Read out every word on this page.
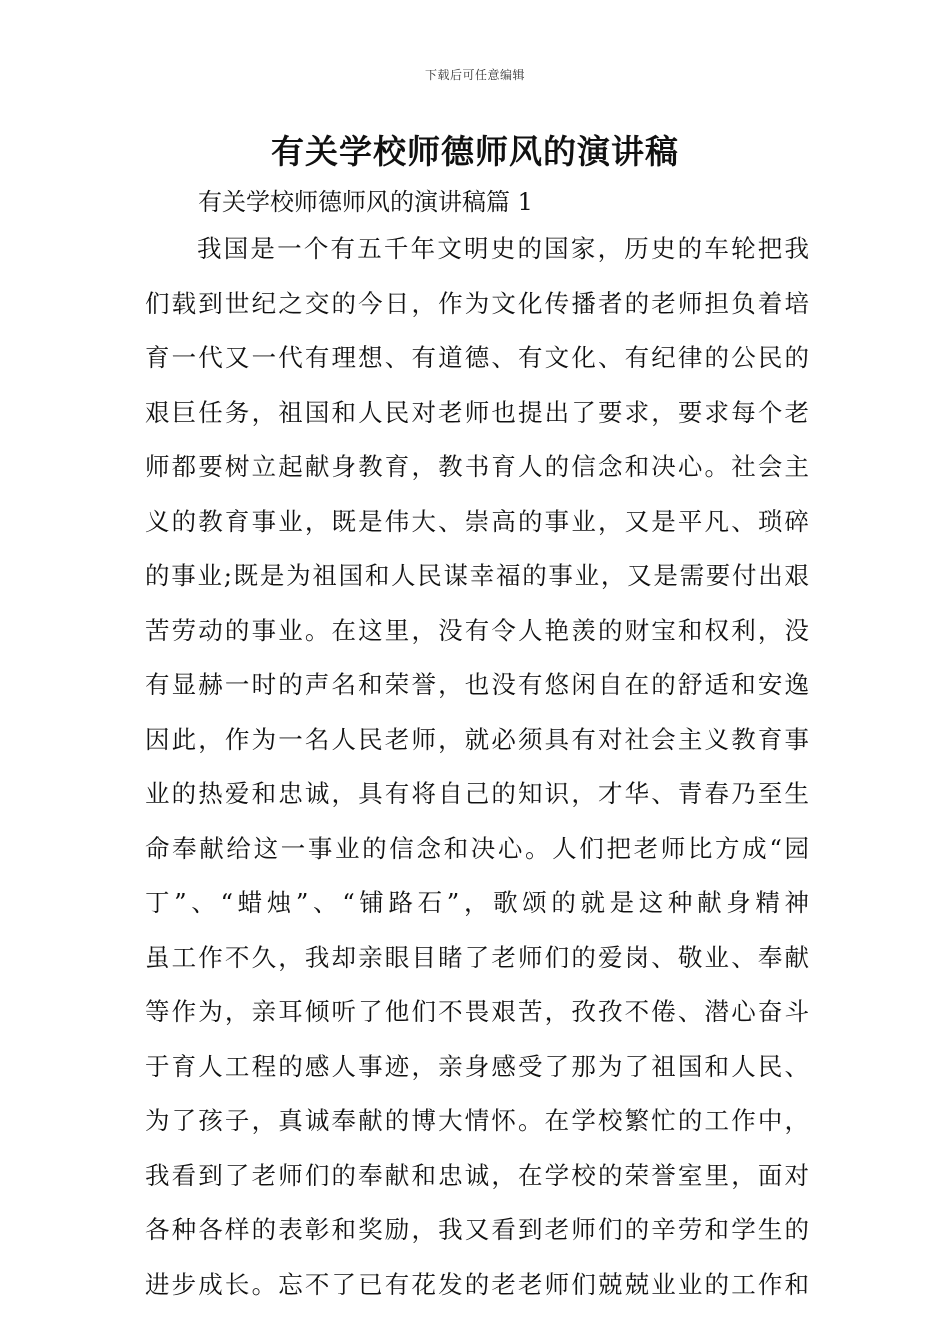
下载后可任意编辑
有关学校师德师风的演讲稿
有关学校师德师风的演讲稿篇 1
我国是一个有五千年文明史的国家，历史的车轮把我
们载到世纪之交的今日，作为文化传播者的老师担负着培
育一代又一代有理想、有道德、有文化、有纪律的公民的
艰巨任务，祖国和人民对老师也提出了要求，要求每个老
师都要树立起献身教育，教书育人的信念和决心。社会主
义的教育事业，既是伟大、崇高的事业，又是平凡、琐碎
的事业;既是为祖国和人民谋幸福的事业，又是需要付出艰
苦劳动的事业。在这里，没有令人艳羡的财宝和权利，没
有显赫一时的声名和荣誉，也没有悠闲自在的舒适和安逸
因此，作为一名人民老师，就必须具有对社会主义教育事
业的热爱和忠诚，具有将自己的知识，才华、青春乃至生
命奉献给这一事业的信念和决心。人们把老师比方成“园
丁”、“蜡烛”、“铺路石”，歌颂的就是这种献身精神
虽工作不久，我却亲眼目睹了老师们的爱岗、敬业、奉献
等作为，亲耳倾听了他们不畏艰苦，孜孜不倦、潜心奋斗
于育人工程的感人事迹，亲身感受了那为了祖国和人民、
为了孩子，真诚奉献的博大情怀。在学校繁忙的工作中，
我看到了老师们的奉献和忠诚，在学校的荣誉室里，面对
各种各样的表彰和奖励，我又看到老师们的辛劳和学生的
进步成长。忘不了已有花发的老老师们兢兢业业的工作和
